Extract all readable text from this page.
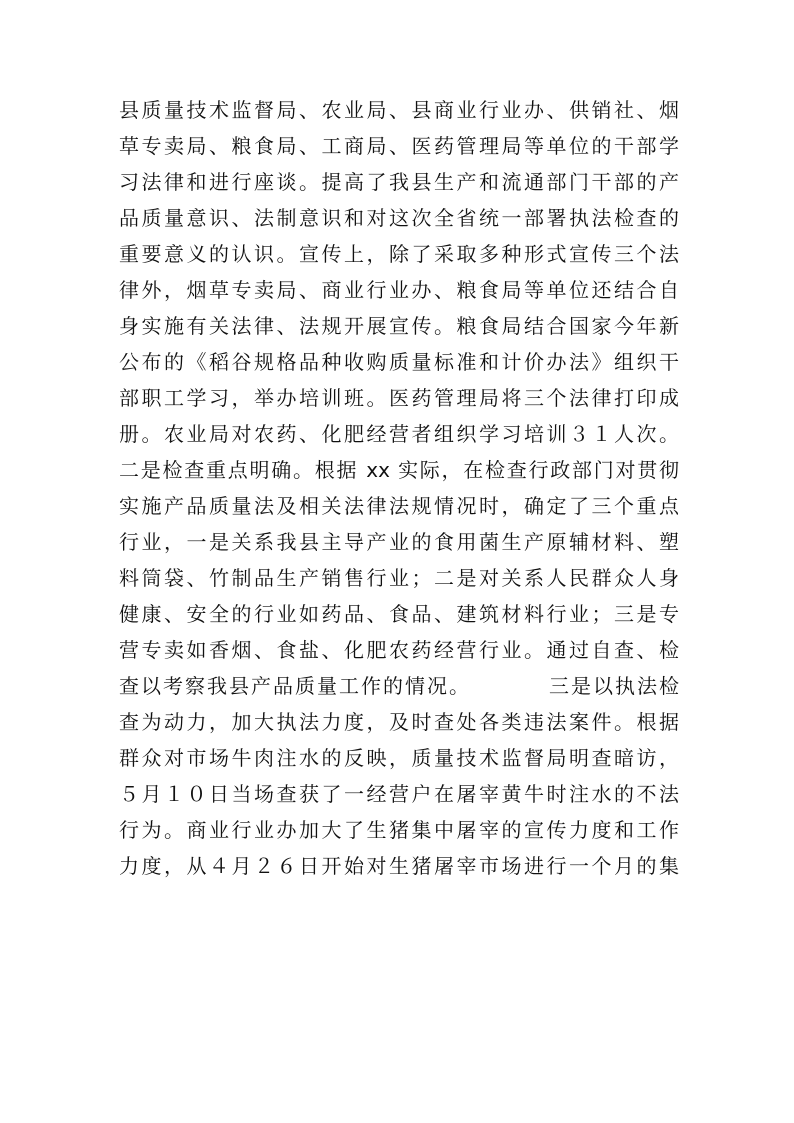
县质量技术监督局、农业局、县商业行业办、供销社、烟
草专卖局、粮食局、工商局、医药管理局等单位的干部学
习法律和进行座谈。提高了我县生产和流通部门干部的产
品质量意识、法制意识和对这次全省统一部署执法检查的
重要意义的认识。宣传上，除了采取多种形式宣传三个法
律外，烟草专卖局、商业行业办、粮食局等单位还结合自
身实施有关法律、法规开展宣传。粮食局结合国家今年新
公布的《稻谷规格品种收购质量标准和计价办法》组织干
部职工学习，举办培训班。医药管理局将三个法律打印成
册。农业局对农药、化肥经营者组织学习培训３１人次。
二是检查重点明确。根据 xx 实际，在检查行政部门对贯彻
实施产品质量法及相关法律法规情况时，确定了三个重点
行业，一是关系我县主导产业的食用菌生产原辅材料、塑
料筒袋、竹制品生产销售行业；二是对关系人民群众人身
健康、安全的行业如药品、食品、建筑材料行业；三是专
营专卖如香烟、食盐、化肥农药经营行业。通过自查、检
查以考察我县产品质量工作的情况。　　　　三是以执法检
查为动力，加大执法力度，及时查处各类违法案件。根据
群众对市场牛肉注水的反映，质量技术监督局明查暗访，
５月１０日当场查获了一经营户在屠宰黄牛时注水的不法
行为。商业行业办加大了生猪集中屠宰的宣传力度和工作
力度，从４月２６日开始对生猪屠宰市场进行一个月的集
